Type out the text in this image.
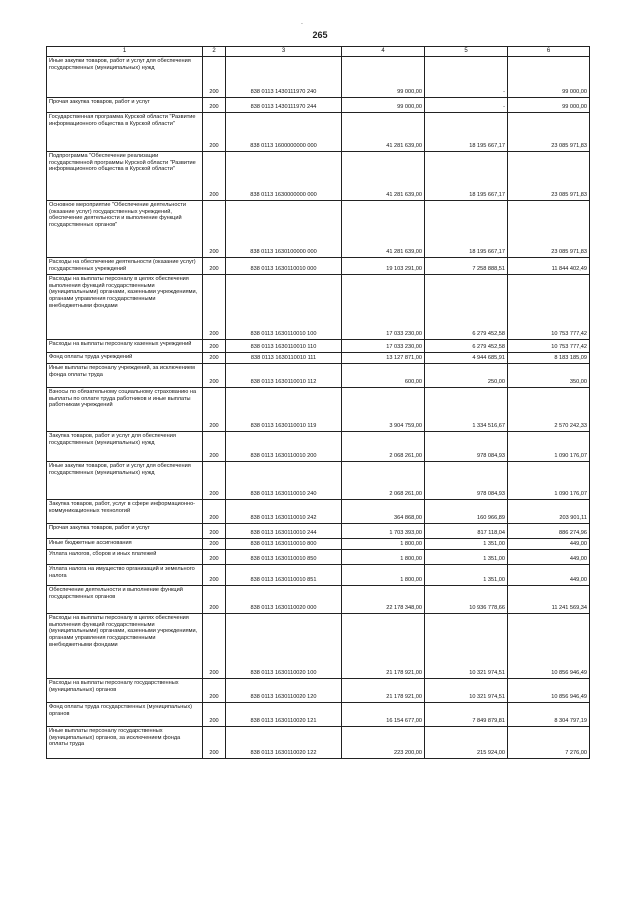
.
265
1	2	3	4	5	6
Иные закупки товаров, работ и услуг для обеспечения государственных (муниципальных) нужд	200	838 0113 1430111970 240	99 000,00	-	99 000,00
Прочая закупка товаров, работ и услуг	200	838 0113 1430111970 244	99 000,00	-	99 000,00
Государственная программа Курской области "Развитие информационного общества в Курской области"	200	838 0113 1600000000 000	41 281 639,00	18 195 667,17	23 085 971,83
Подпрограмма "Обеспечение реализации государственной программы Курской области "Развитие информационного общества в Курской области"	200	838 0113 1630000000 000	41 281 639,00	18 195 667,17	23 085 971,83
Основное мероприятие "Обеспечение деятельности (оказание услуг) государственных учреждений, обеспечение деятельности и выполнение функций государственных органов"	200	838 0113 1630100000 000	41 281 639,00	18 195 667,17	23 085 971,83
Расходы на обеспечение деятельности (оказание услуг) государственных учреждений	200	838 0113 1630110010 000	19 103 291,00	7 258 888,51	11 844 402,49
Расходы на выплаты персоналу в целях обеспечения выполнения функций государственными (муниципальными) органами, казенными учреждениями, органами управления государственными внебюджетными фондами	200	838 0113 1630110010 100	17 033 230,00	6 279 452,58	10 753 777,42
Расходы на выплаты персоналу казенных учреждений	200	838 0113 1630110010 110	17 033 230,00	6 279 452,58	10 753 777,42
Фонд оплаты труда учреждений	200	838 0113 1630110010 111	13 127 871,00	4 944 685,91	8 183 185,09
Иные выплаты персоналу учреждений, за исключением фонда оплаты труда	200	838 0113 1630110010 112	600,00	250,00	350,00
Взносы по обязательному социальному страхованию на выплаты по оплате труда работников и иные выплаты работникам учреждений	200	838 0113 1630110010 119	3 904 759,00	1 334 516,67	2 570 242,33
Закупка товаров, работ и услуг для обеспечения государственных (муниципальных) нужд	200	838 0113 1630110010 200	2 068 261,00	978 084,93	1 090 176,07
Иные закупки товаров, работ и услуг для обеспечения государственных (муниципальных) нужд	200	838 0113 1630110010 240	2 068 261,00	978 084,93	1 090 176,07
Закупка товаров, работ, услуг в сфере информационно-коммуникационных технологий	200	838 0113 1630110010 242	364 868,00	160 966,89	203 901,11
Прочая закупка товаров, работ и услуг	200	838 0113 1630110010 244	1 703 393,00	817 118,04	886 274,96
Иные бюджетные ассигнования	200	838 0113 1630110010 800	1 800,00	1 351,00	449,00
Уплата налогов, сборов и иных платежей	200	838 0113 1630110010 850	1 800,00	1 351,00	449,00
Уплата налога на имущество организаций и земельного налога	200	838 0113 1630110010 851	1 800,00	1 351,00	449,00
Обеспечение деятельности и выполнение функций государственных органов	200	838 0113 1630110020 000	22 178 348,00	10 936 778,66	11 241 569,34
Расходы на выплаты персоналу в целях обеспечения выполнения функций государственными (муниципальными) органами, казенными учреждениями, органами управления государственными внебюджетными фондами	200	838 0113 1630110020 100	21 178 921,00	10 321 974,51	10 856 946,49
Расходы на выплаты персоналу государственных (муниципальных) органов	200	838 0113 1630110020 120	21 178 921,00	10 321 974,51	10 856 946,49
Фонд оплаты труда государственных (муниципальных) органов	200	838 0113 1630110020 121	16 154 677,00	7 849 879,81	8 304 797,19
Иные выплаты персоналу государственных (муниципальных) органов, за исключением фонда оплаты труда	200	838 0113 1630110020 122	223 200,00	215 924,00	7 276,00
